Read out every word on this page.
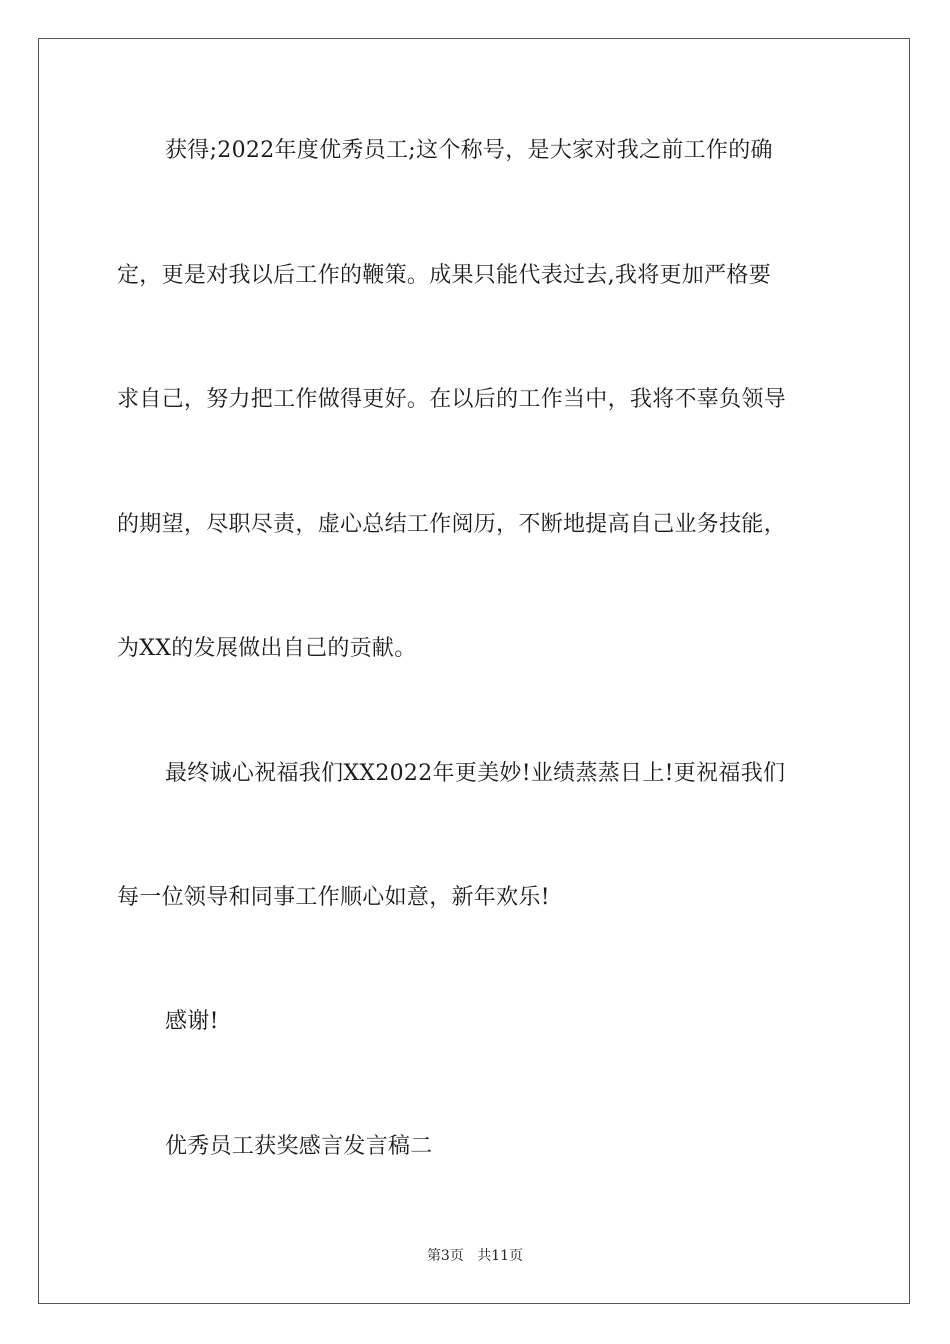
获得;2022年度优秀员工;这个称号，是大家对我之前工作的确
定，更是对我以后工作的鞭策。成果只能代表过去,我将更加严格要
求自己，努力把工作做得更好。在以后的工作当中，我将不辜负领导
的期望，尽职尽责，虚心总结工作阅历，不断地提高自己业务技能，
为XX的发展做出自己的贡献。
最终诚心祝福我们XX2022年更美妙!业绩蒸蒸日上!更祝福我们
每一位领导和同事工作顺心如意，新年欢乐!
感谢!
优秀员工获奖感言发言稿二
第3页 共11页
